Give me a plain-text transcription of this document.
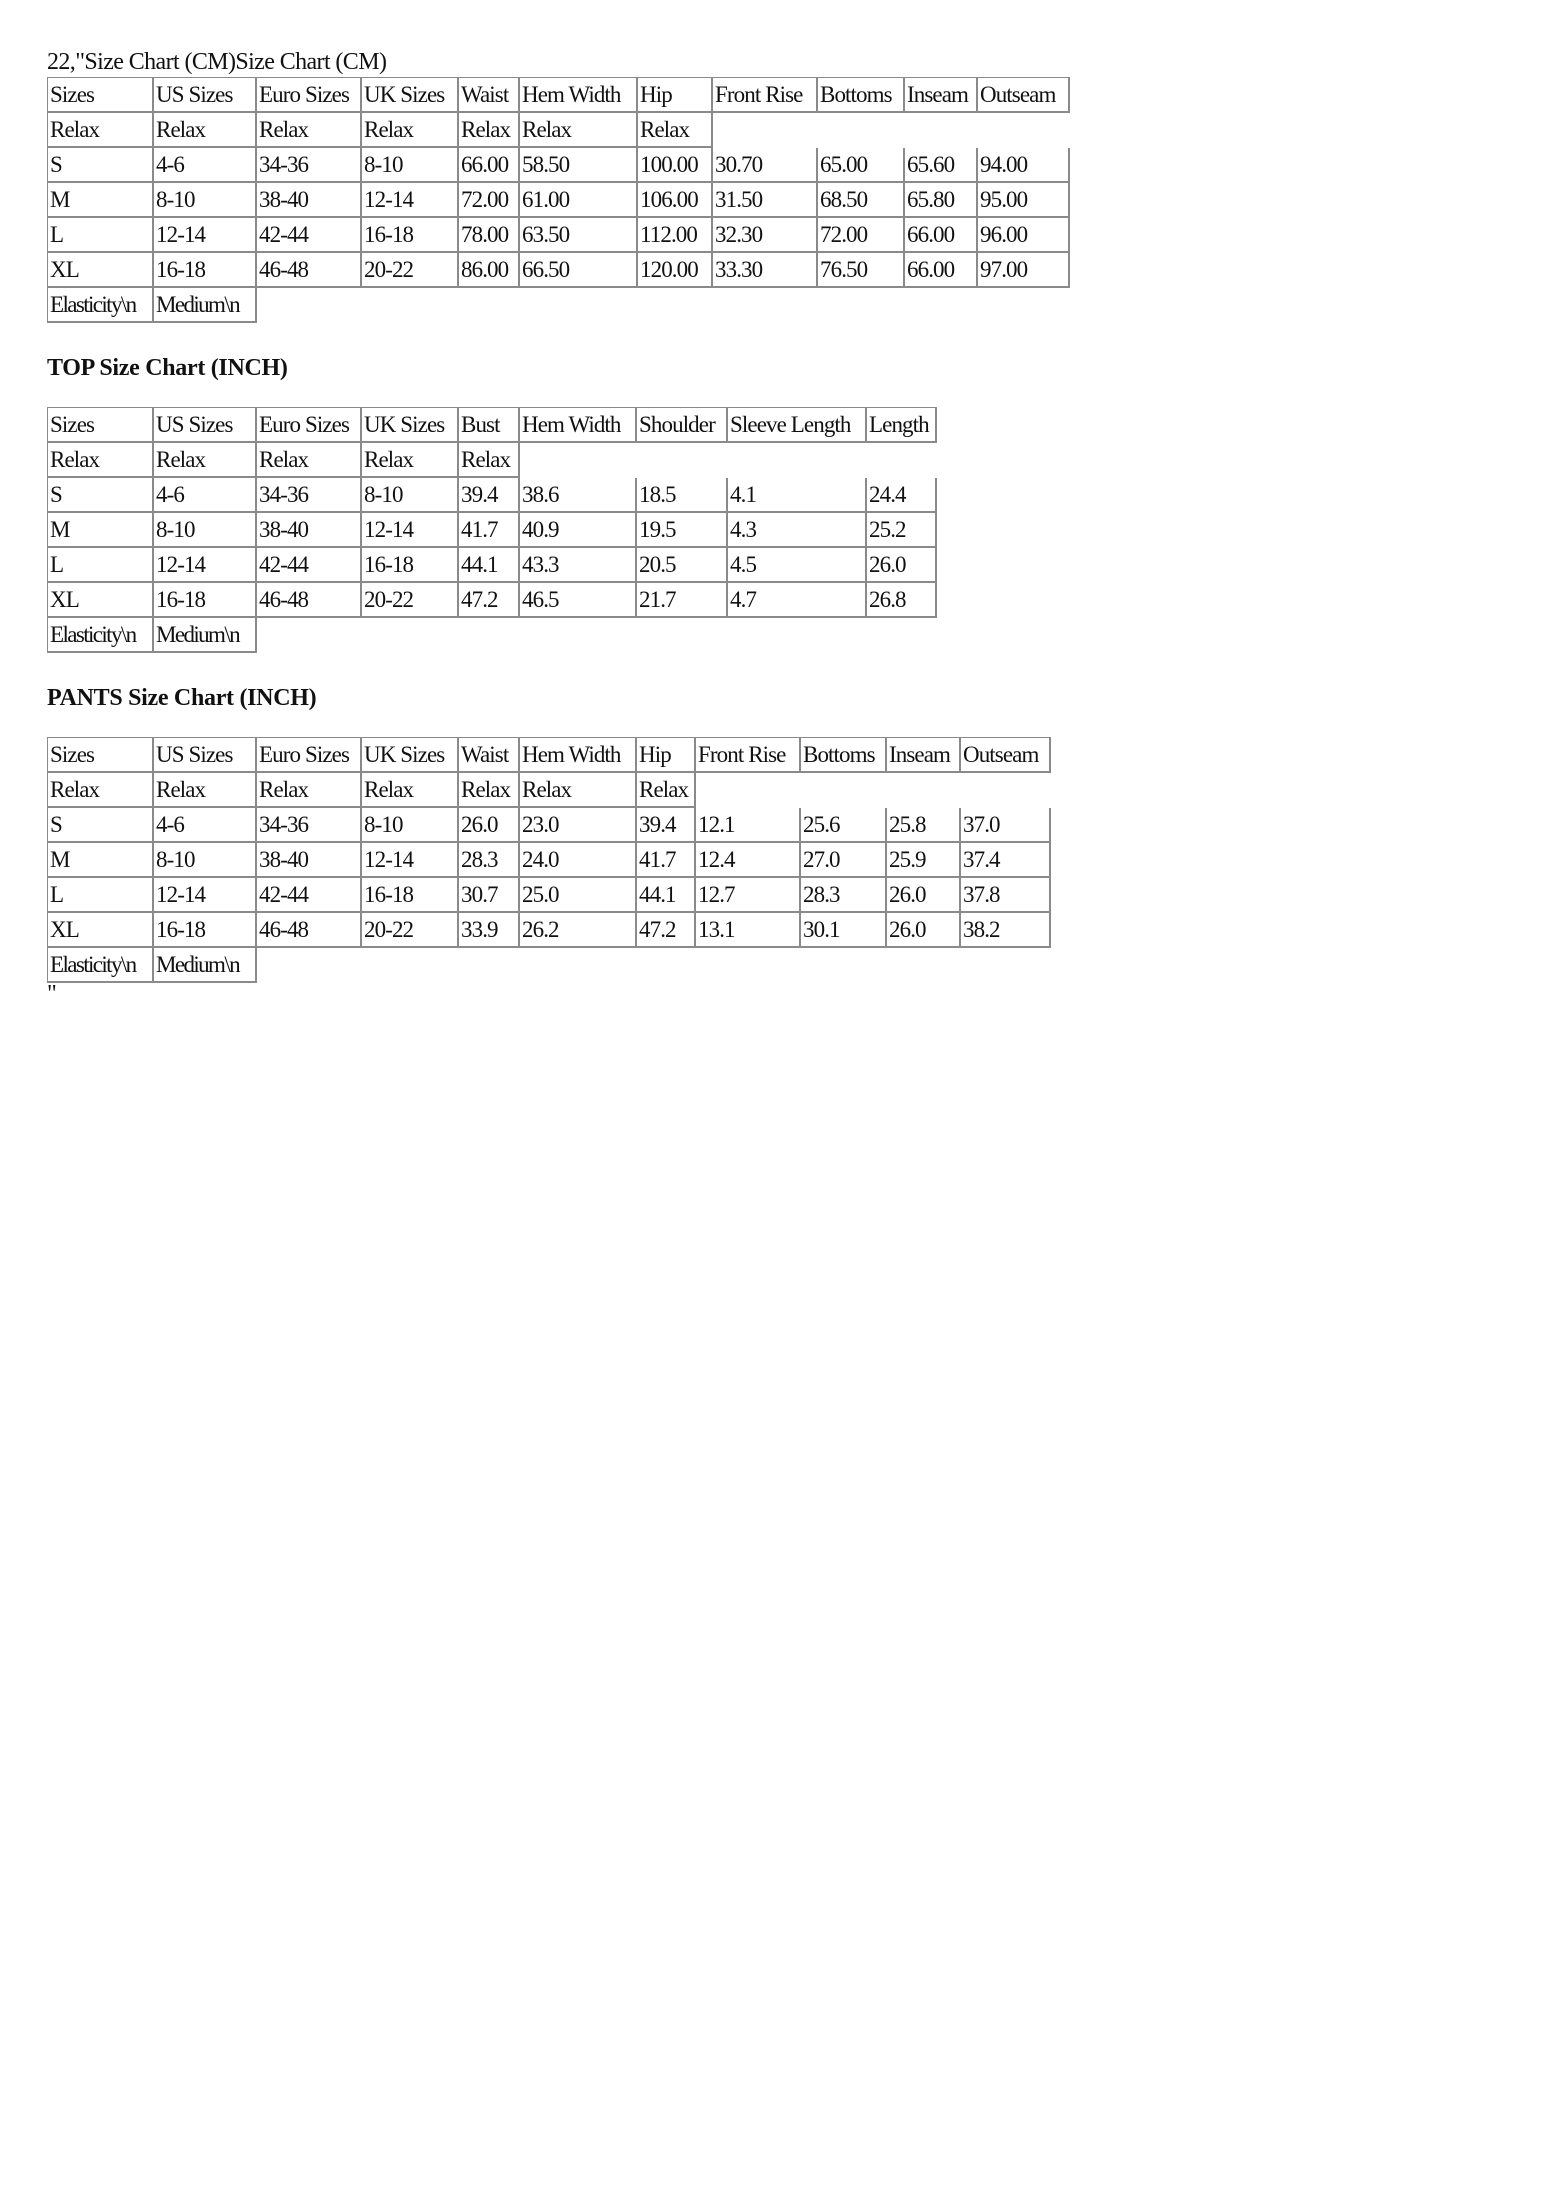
22,"Size Chart (CM)Size Chart (CM)
Sizes	US Sizes	Euro Sizes	UK Sizes	Waist	Hem Width	Hip	Front Rise	Bottoms	Inseam	Outseam
Relax	Relax	Relax	Relax	Relax	Relax	Relax				
S	4-6	34-36	8-10	66.00	58.50	100.00	30.70	65.00	65.60	94.00
M	8-10	38-40	12-14	72.00	61.00	106.00	31.50	68.50	65.80	95.00
L	12-14	42-44	16-18	78.00	63.50	112.00	32.30	72.00	66.00	96.00
XL	16-18	46-48	20-22	86.00	66.50	120.00	33.30	76.50	66.00	97.00
Elasticity\n	Medium\n									
TOP Size Chart (INCH)
Sizes	US Sizes	Euro Sizes	UK Sizes	Bust	Hem Width	Shoulder	Sleeve Length	Length
Relax	Relax	Relax	Relax	Relax				
S	4-6	34-36	8-10	39.4	38.6	18.5	4.1	24.4
M	8-10	38-40	12-14	41.7	40.9	19.5	4.3	25.2
L	12-14	42-44	16-18	44.1	43.3	20.5	4.5	26.0
XL	16-18	46-48	20-22	47.2	46.5	21.7	4.7	26.8
Elasticity\n	Medium\n							
PANTS Size Chart (INCH)
Sizes	US Sizes	Euro Sizes	UK Sizes	Waist	Hem Width	Hip	Front Rise	Bottoms	Inseam	Outseam
Relax	Relax	Relax	Relax	Relax	Relax	Relax				
S	4-6	34-36	8-10	26.0	23.0	39.4	12.1	25.6	25.8	37.0
M	8-10	38-40	12-14	28.3	24.0	41.7	12.4	27.0	25.9	37.4
L	12-14	42-44	16-18	30.7	25.0	44.1	12.7	28.3	26.0	37.8
XL	16-18	46-48	20-22	33.9	26.2	47.2	13.1	30.1	26.0	38.2
Elasticity\n	Medium\n									
"
